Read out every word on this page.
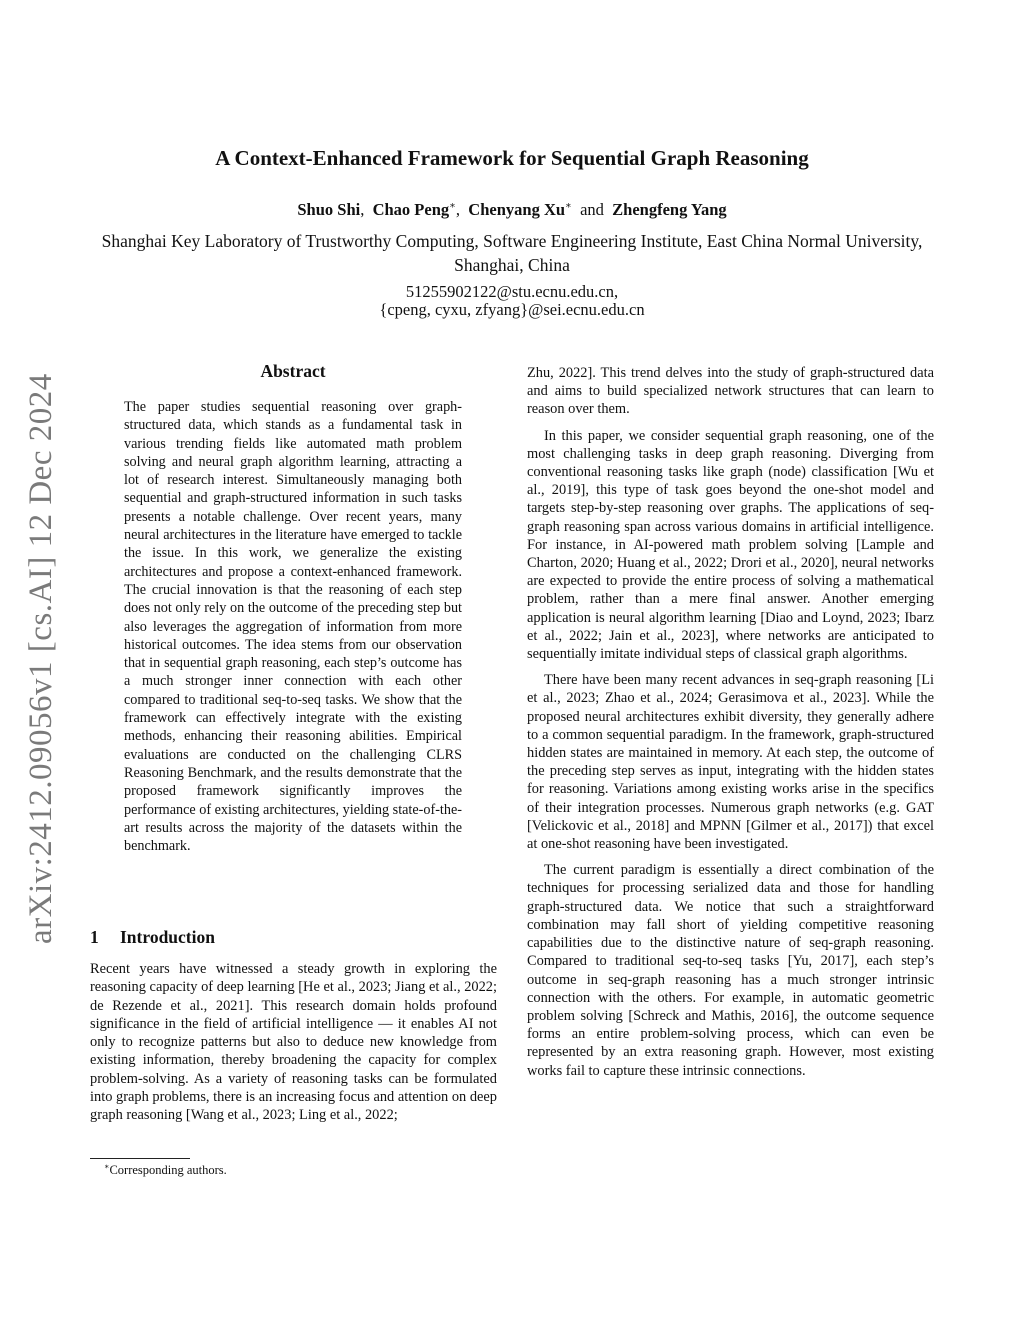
A Context-Enhanced Framework for Sequential Graph Reasoning
Shuo Shi, Chao Peng∗, Chenyang Xu∗ and Zhengfeng Yang
Shanghai Key Laboratory of Trustworthy Computing, Software Engineering Institute, East China Normal University, Shanghai, China
51255902122@stu.ecnu.edu.cn,
{cpeng, cyxu, zfyang}@sei.ecnu.edu.cn
arXiv:2412.09056v1 [cs.AI] 12 Dec 2024
Abstract
The paper studies sequential reasoning over graph-structured data, which stands as a fundamental task in various trending fields like automated math problem solving and neural graph algorithm learning, attracting a lot of research interest. Simultaneously managing both sequential and graph-structured information in such tasks presents a notable challenge. Over recent years, many neural architectures in the literature have emerged to tackle the issue. In this work, we generalize the existing architectures and propose a context-enhanced framework. The crucial innovation is that the reasoning of each step does not only rely on the outcome of the preceding step but also leverages the aggregation of information from more historical outcomes. The idea stems from our observation that in sequential graph reasoning, each step’s outcome has a much stronger inner connection with each other compared to traditional seq-to-seq tasks. We show that the framework can effectively integrate with the existing methods, enhancing their reasoning abilities. Empirical evaluations are conducted on the challenging CLRS Reasoning Benchmark, and the results demonstrate that the proposed framework significantly improves the performance of existing architectures, yielding state-of-the-art results across the majority of the datasets within the benchmark.
1 Introduction

Recent years have witnessed a steady growth in exploring the reasoning capacity of deep learning [He et al., 2023; Jiang et al., 2022; de Rezende et al., 2021]. This research domain holds profound significance in the field of artificial intelligence — it enables AI not only to recognize patterns but also to deduce new knowledge from existing information, thereby broadening the capacity for complex problem-solving. As a variety of reasoning tasks can be formulated into graph problems, there is an increasing focus and attention on deep graph reasoning [Wang et al., 2023; Ling et al., 2022;

Zhu, 2022]. This trend delves into the study of graph-structured data and aims to build specialized network structures that can learn to reason over them.

In this paper, we consider sequential graph reasoning, one of the most challenging tasks in deep graph reasoning. Diverging from conventional reasoning tasks like graph (node) classification [Wu et al., 2019], this type of task goes beyond the one-shot model and targets step-by-step reasoning over graphs. The applications of seq-graph reasoning span across various domains in artificial intelligence. For instance, in AI-powered math problem solving [Lample and Charton, 2020; Huang et al., 2022; Drori et al., 2020], neural networks are expected to provide the entire process of solving a mathematical problem, rather than a mere final answer. Another emerging application is neural algorithm learning [Diao and Loynd, 2023; Ibarz et al., 2022; Jain et al., 2023], where networks are anticipated to sequentially imitate individual steps of classical graph algorithms.

There have been many recent advances in seq-graph reasoning [Li et al., 2023; Zhao et al., 2024; Gerasimova et al., 2023]. While the proposed neural architectures exhibit diversity, they generally adhere to a common sequential paradigm. In the framework, graph-structured hidden states are maintained in memory. At each step, the outcome of the preceding step serves as input, integrating with the hidden states for reasoning. Variations among existing works arise in the specifics of their integration processes. Numerous graph networks (e.g. GAT [Velickovic et al., 2018] and MPNN [Gilmer et al., 2017]) that excel at one-shot reasoning have been investigated.

The current paradigm is essentially a direct combination of the techniques for processing serialized data and those for handling graph-structured data. We notice that such a straightforward combination may fall short of yielding competitive reasoning capabilities due to the distinctive nature of seq-graph reasoning. Compared to traditional seq-to-seq tasks [Yu, 2017], each step’s outcome in seq-graph reasoning has a much stronger intrinsic connection with the others. For example, in automatic geometric problem solving [Schreck and Mathis, 2016], the outcome sequence forms an entire problem-solving process, which can even be represented by an extra reasoning graph. However, most existing works fail to capture these intrinsic connections.

∗Corresponding authors.
